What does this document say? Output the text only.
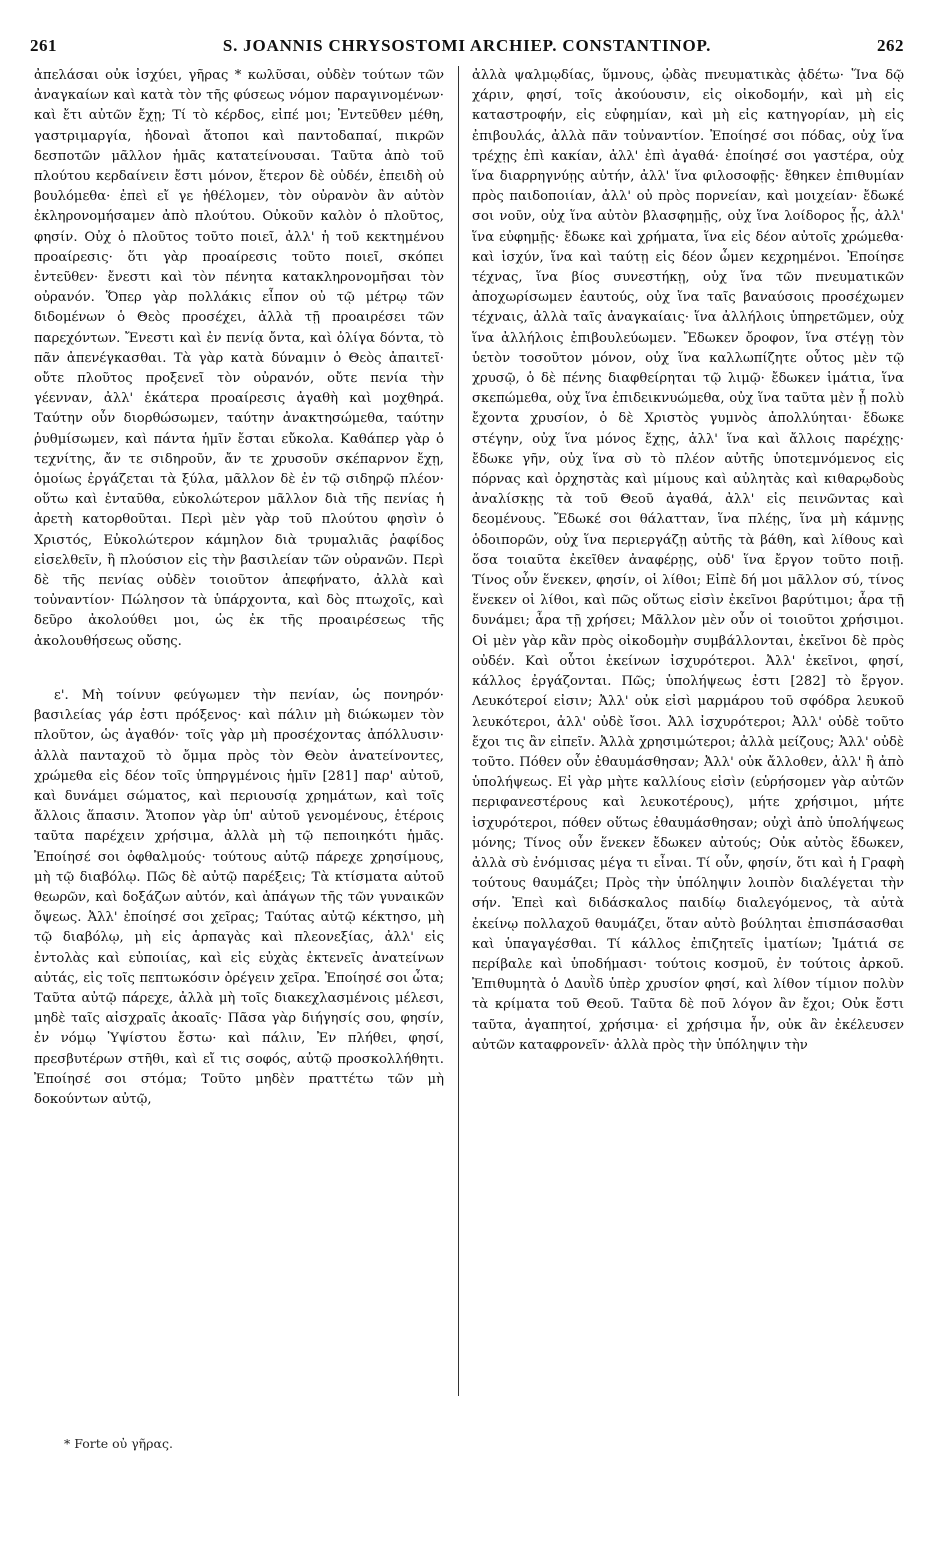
261	S. JOANNIS CHRYSOSTOMI ARCHIEP. CONSTANTINOP.	262

ἀπελάσαι οὐκ ἰσχύει, γῆρας * κωλῦσαι, οὐδὲν τούτων τῶν ἀναγκαίων καὶ κατὰ τὸν τῆς φύσεως νόμον παραγινομένων· καὶ ἔτι αὐτῶν ἔχῃ; Τί τὸ κέρδος, εἰπέ μοι; Ἐντεῦθεν μέθη, γαστριμαργία, ἡδοναὶ ἄτοποι καὶ παντοδαπαί, πικρῶν δεσποτῶν μᾶλλον ἡμᾶς κατατείνουσαι. Ταῦτα ἀπὸ τοῦ πλούτου κερδαίνειν ἔστι μόνον, ἕτερον δὲ οὐδέν, ἐπειδὴ οὐ βουλόμεθα· ἐπεὶ εἴ γε ἠθέλομεν, τὸν οὐρανὸν ἂν αὐτὸν ἐκληρονομήσαμεν ἀπὸ πλούτου. Οὐκοῦν καλὸν ὁ πλοῦτος, φησίν. Οὐχ ὁ πλοῦτος τοῦτο ποιεῖ, ἀλλ' ἡ τοῦ κεκτημένου προαίρεσις· ὅτι γὰρ προαίρεσις τοῦτο ποιεῖ, σκόπει ἐντεῦθεν· ἔνεστι καὶ τὸν πένητα κατακληρονομῆσαι τὸν οὐρανόν. Ὅπερ γὰρ πολλάκις εἶπον οὐ τῷ μέτρῳ τῶν διδομένων ὁ Θεὸς προσέχει, ἀλλὰ τῇ προαιρέσει τῶν παρεχόντων. Ἔνεστι καὶ ἐν πενίᾳ ὄντα, καὶ ὀλίγα δόντα, τὸ πᾶν ἀπενέγκασθαι. Τὰ γὰρ κατὰ δύναμιν ὁ Θεὸς ἀπαιτεῖ· οὔτε πλοῦτος προξενεῖ τὸν οὐρανόν, οὔτε πενία τὴν γέενναν, ἀλλ' ἑκάτερα προαίρεσις ἀγαθὴ καὶ μοχθηρά. Ταύτην οὖν διορθώσωμεν, ταύτην ἀνακτησώμεθα, ταύτην ῥυθμίσωμεν, καὶ πάντα ἡμῖν ἔσται εὔκολα. Καθάπερ γὰρ ὁ τεχνίτης, ἄν τε σιδηροῦν, ἄν τε χρυσοῦν σκέπαρνον ἔχῃ, ὁμοίως ἐργάζεται τὰ ξύλα, μᾶλλον δὲ ἐν τῷ σιδηρῷ πλέον· οὕτω καὶ ἐνταῦθα, εὐκολώτερον μᾶλλον διὰ τῆς πενίας ἡ ἀρετὴ κατορθοῦται. Περὶ μὲν γὰρ τοῦ πλούτου φησὶν ὁ Χριστός, Εὐκολώτερον κάμηλον διὰ τρυμαλιᾶς ῥαφίδος εἰσελθεῖν, ἢ πλούσιον εἰς τὴν βασιλείαν τῶν οὐρανῶν. Περὶ δὲ τῆς πενίας οὐδὲν τοιοῦτον ἀπεφήνατο, ἀλλὰ καὶ τοὐναντίον· Πώλησον τὰ ὑπάρχοντα, καὶ δὸς πτωχοῖς, καὶ δεῦρο ἀκολούθει μοι, ὡς ἐκ τῆς προαιρέσεως τῆς ἀκολουθήσεως οὔσης.

ε'. Μὴ τοίνυν φεύγωμεν τὴν πενίαν, ὡς πονηρόν· βασιλείας γάρ ἐστι πρόξενος· καὶ πάλιν μὴ διώκωμεν τὸν πλοῦτον, ὡς ἀγαθόν· τοῖς γὰρ μὴ προσέχοντας ἀπόλλυσιν· ἀλλὰ πανταχοῦ τὸ ὄμμα πρὸς τὸν Θεὸν ἀνατείνοντες, χρώμεθα εἰς δέον τοῖς ὑπηργμένοις ἡμῖν [281] παρ' αὐτοῦ, καὶ δυνάμει σώματος, καὶ περιουσίᾳ χρημάτων, καὶ τοῖς ἄλλοις ἅπασιν. Ἄτοπον γὰρ ὑπ' αὐτοῦ γενομένους, ἑτέροις ταῦτα παρέχειν χρήσιμα, ἀλλὰ μὴ τῷ πεποιηκότι ἡμᾶς. Ἐποίησέ σοι ὀφθαλμούς· τούτους αὐτῷ πάρεχε χρησίμους, μὴ τῷ διαβόλῳ. Πῶς δὲ αὐτῷ παρέξεις; Τὰ κτίσματα αὐτοῦ θεωρῶν, καὶ δοξάζων αὐτόν, καὶ ἀπάγων τῆς τῶν γυναικῶν ὄψεως. Ἀλλ' ἐποίησέ σοι χεῖρας; Ταύτας αὐτῷ κέκτησο, μὴ τῷ διαβόλῳ, μὴ εἰς ἁρπαγὰς καὶ πλεονεξίας, ἀλλ' εἰς ἐντολὰς καὶ εὐποιίας, καὶ εἰς εὐχὰς ἐκτενεῖς ἀνατείνων αὐτάς, εἰς τοῖς πεπτωκόσιν ὀρέγειν χεῖρα. Ἐποίησέ σοι ὦτα; Ταῦτα αὐτῷ πάρεχε, ἀλλὰ μὴ τοῖς διακεχλασμένοις μέλεσι, μηδὲ ταῖς αἰσχραῖς ἀκοαῖς· Πᾶσα γὰρ διήγησίς σου, φησίν, ἐν νόμῳ Ὑψίστου ἔστω· καὶ πάλιν, Ἐν πλήθει, φησί, πρεσβυτέρων στῆθι, καὶ εἴ τις σοφός, αὐτῷ προσκολλήθητι. Ἐποίησέ σοι στόμα; Τοῦτο μηδὲν πραττέτω τῶν μὴ δοκούντων αὐτῷ,

ἀλλὰ ψαλμῳδίας, ὕμνους, ᾠδὰς πνευματικὰς ᾀδέτω· Ἵνα δῷ χάριν, φησί, τοῖς ἀκούουσιν, εἰς οἰκοδομήν, καὶ μὴ εἰς καταστροφήν, εἰς εὐφημίαν, καὶ μὴ εἰς κατηγορίαν, μὴ εἰς ἐπιβουλάς, ἀλλὰ πᾶν τοὐναντίον. Ἐποίησέ σοι πόδας, οὐχ ἵνα τρέχῃς ἐπὶ κακίαν, ἀλλ' ἐπὶ ἀγαθά· ἐποίησέ σοι γαστέρα, οὐχ ἵνα διαρρηγνύῃς αὐτήν, ἀλλ' ἵνα φιλοσοφῇς· ἔθηκεν ἐπιθυμίαν πρὸς παιδοποιίαν, ἀλλ' οὐ πρὸς πορνείαν, καὶ μοιχείαν· ἔδωκέ σοι νοῦν, οὐχ ἵνα αὐτὸν βλασφημῇς, οὐχ ἵνα λοίδορος ᾖς, ἀλλ' ἵνα εὐφημῇς· ἔδωκε καὶ χρήματα, ἵνα εἰς δέον αὐτοῖς χρώμεθα· καὶ ἰσχύν, ἵνα καὶ ταύτῃ εἰς δέον ὦμεν κεχρημένοι. Ἐποίησε τέχνας, ἵνα βίος συνεστήκῃ, οὐχ ἵνα τῶν πνευματικῶν ἀποχωρίσωμεν ἑαυτούς, οὐχ ἵνα ταῖς βαναύσοις προσέχωμεν τέχναις, ἀλλὰ ταῖς ἀναγκαίαις· ἵνα ἀλλήλοις ὑπηρετῶμεν, οὐχ ἵνα ἀλλήλοις ἐπιβουλεύωμεν. Ἔδωκεν ὄροφον, ἵνα στέγῃ τὸν ὑετὸν τοσοῦτον μόνον, οὐχ ἵνα καλλωπίζητε οὗτος μὲν τῷ χρυσῷ, ὁ δὲ πένης διαφθείρηται τῷ λιμῷ· ἔδωκεν ἱμάτια, ἵνα σκεπώμεθα, οὐχ ἵνα ἐπιδεικνυώμεθα, οὐχ ἵνα ταῦτα μὲν ᾖ πολὺ ἔχοντα χρυσίον, ὁ δὲ Χριστὸς γυμνὸς ἀπολλύηται· ἔδωκε στέγην, οὐχ ἵνα μόνος ἔχῃς, ἀλλ' ἵνα καὶ ἄλλοις παρέχῃς· ἔδωκε γῆν, οὐχ ἵνα σὺ τὸ πλέον αὐτῆς ὑποτεμνόμενος εἰς πόρνας καὶ ὀρχηστὰς καὶ μίμους καὶ αὐλητὰς καὶ κιθαρῳδοὺς ἀναλίσκῃς τὰ τοῦ Θεοῦ ἀγαθά, ἀλλ' εἰς πεινῶντας καὶ δεομένους. Ἔδωκέ σοι θάλατταν, ἵνα πλέῃς, ἵνα μὴ κάμνῃς ὁδοιπορῶν, οὐχ ἵνα περιεργάζῃ αὐτῆς τὰ βάθη, καὶ λίθους καὶ ὅσα τοιαῦτα ἐκεῖθεν ἀναφέρῃς, οὐδ' ἵνα ἔργον τοῦτο ποιῇ. Τίνος οὖν ἕνεκεν, φησίν, οἱ λίθοι; Εἰπὲ δή μοι μᾶλλον σύ, τίνος ἕνεκεν οἱ λίθοι, καὶ πῶς οὕτως εἰσὶν ἐκεῖνοι βαρύτιμοι; ἆρα τῇ δυνάμει; ἆρα τῇ χρήσει; Μᾶλλον μὲν οὖν οἱ τοιοῦτοι χρήσιμοι. Οἱ μὲν γὰρ κἂν πρὸς οἰκοδομὴν συμβάλλονται, ἐκεῖνοι δὲ πρὸς οὐδέν. Καὶ οὗτοι ἐκείνων ἰσχυρότεροι. Ἀλλ' ἐκεῖνοι, φησί, κάλλος ἐργάζονται. Πῶς; ὑπολήψεως ἐστι [282] τὸ ἔργον. Λευκότεροί εἰσιν; Ἀλλ' οὐκ εἰσὶ μαρμάρου τοῦ σφόδρα λευκοῦ λευκότεροι, ἀλλ' οὐδὲ ἴσοι. Ἀλλ ἰσχυρότεροι; Ἀλλ' οὐδὲ τοῦτο ἔχοι τις ἂν εἰπεῖν. Ἀλλὰ χρησιμώτεροι; ἀλλὰ μείζους; Ἀλλ' οὐδὲ τοῦτο. Πόθεν οὖν ἐθαυμάσθησαν; Ἀλλ' οὐκ ἄλλοθεν, ἀλλ' ἢ ἀπὸ ὑπολήψεως. Εἰ γὰρ μὴτε καλλίους εἰσὶν (εὑρήσομεν γὰρ αὐτῶν περιφανεστέρους καὶ λευκοτέρους), μήτε χρήσιμοι, μήτε ἰσχυρότεροι, πόθεν οὕτως ἐθαυμάσθησαν; οὐχὶ ἀπὸ ὑπολήψεως μόνης; Τίνος οὖν ἕνεκεν ἔδωκεν αὐτούς; Οὐκ αὐτὸς ἔδωκεν, ἀλλὰ σὺ ἐνόμισας μέγα τι εἶναι. Τί οὖν, φησίν, ὅτι καὶ ἡ Γραφὴ τούτους θαυμάζει; Πρὸς τὴν ὑπόληψιν λοιπὸν διαλέγεται τὴν σήν. Ἐπεὶ καὶ διδάσκαλος παιδίῳ διαλεγόμενος, τὰ αὐτὰ ἐκείνῳ πολλαχοῦ θαυμάζει, ὅταν αὐτὸ βούληται ἐπισπάσασθαι καὶ ὑπαγαγέσθαι. Τί κάλλος ἐπιζητεῖς ἱματίων; Ἱμάτιά σε περίβαλε καὶ ὑποδήμασι· τούτοις κοσμοῦ, ἐν τούτοις ἀρκοῦ. Ἐπιθυμητὰ ὁ Δαυῒδ ὑπὲρ χρυσίον φησί, καὶ λίθον τίμιον πολὺν τὰ κρίματα τοῦ Θεοῦ. Ταῦτα δὲ ποῦ λόγον ἂν ἔχοι; Οὐκ ἔστι ταῦτα, ἀγαπητοί, χρήσιμα· εἰ χρήσιμα ἦν, οὐκ ἂν ἐκέλευσεν αὐτῶν καταφρονεῖν· ἀλλὰ πρὸς τὴν ὑπόληψιν τὴν

* Forte οὐ γῆρας.
